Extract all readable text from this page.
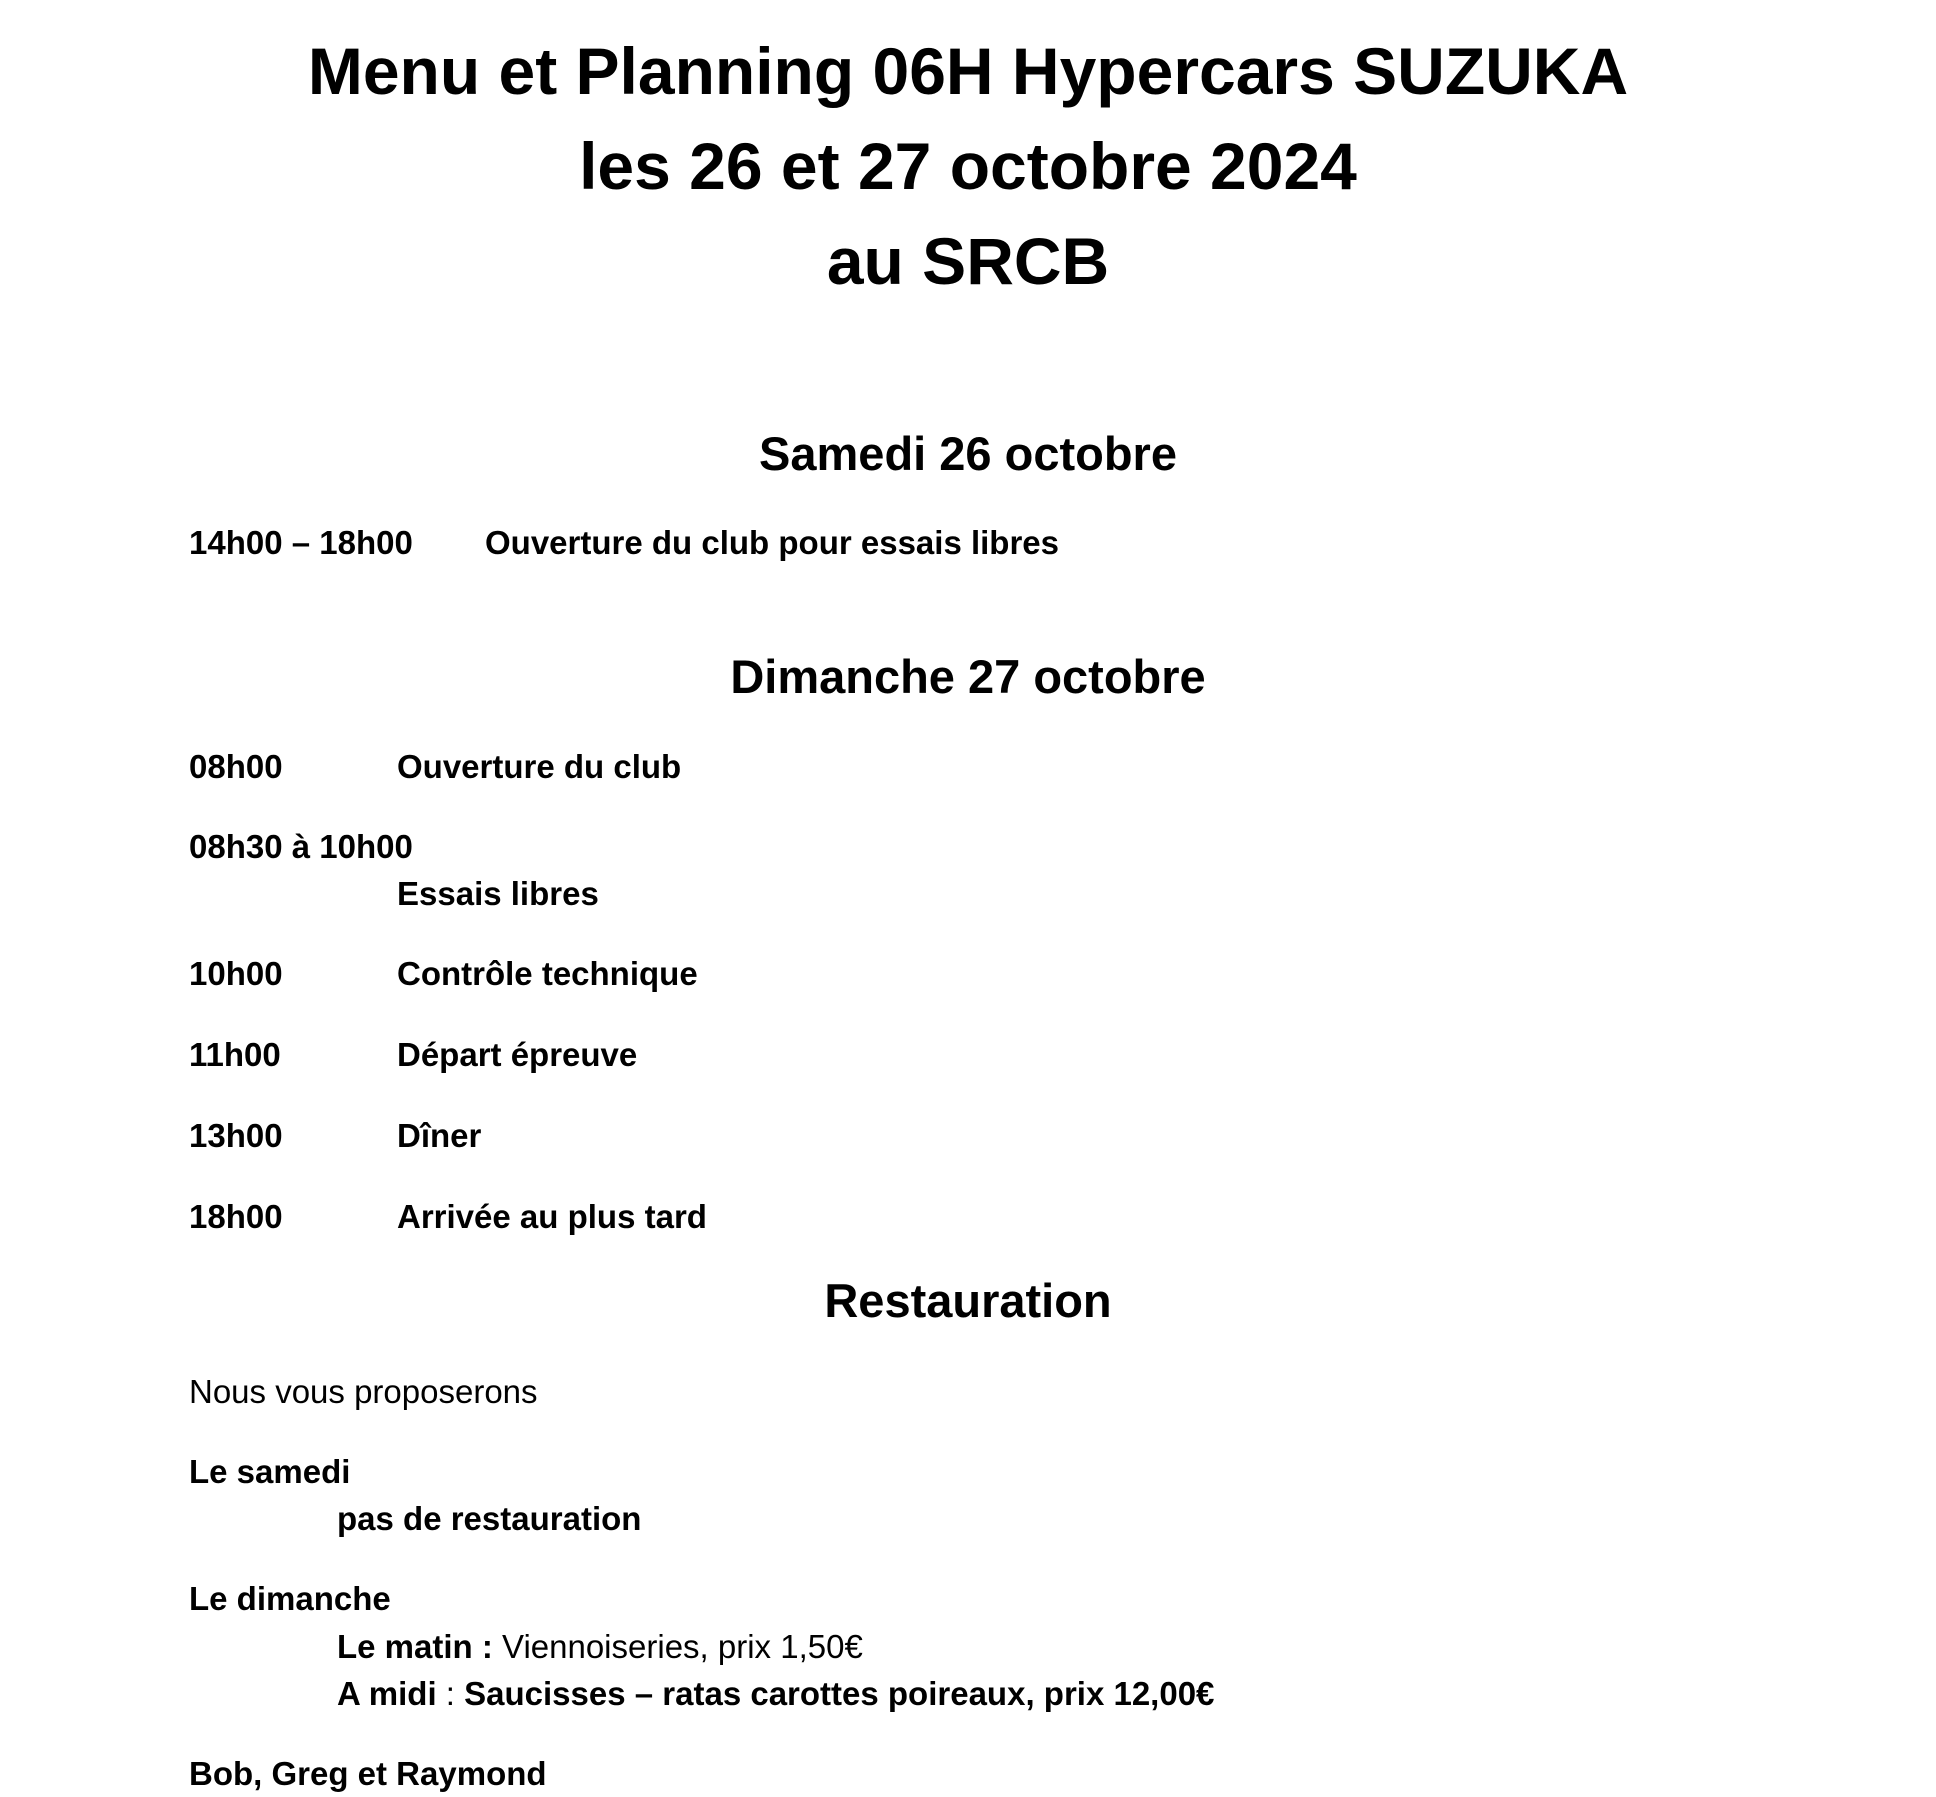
Menu et Planning 06H Hypercars SUZUKA
les 26 et 27 octobre 2024
au SRCB
Samedi 26 octobre
14h00 – 18h00 Ouverture du club pour essais libres
Dimanche 27 octobre
08h00	Ouverture du club
08h30 à 10h00
Essais libres
10h00	Contrôle technique
11h00	Départ épreuve
13h00	Dîner
18h00	Arrivée au plus tard
Restauration
Nous vous proposerons
Le samedi
pas de restauration
Le dimanche
Le matin : Viennoiseries, prix 1,50€
A midi : Saucisses – ratas carottes poireaux, prix 12,00€
Bob, Greg et Raymond
